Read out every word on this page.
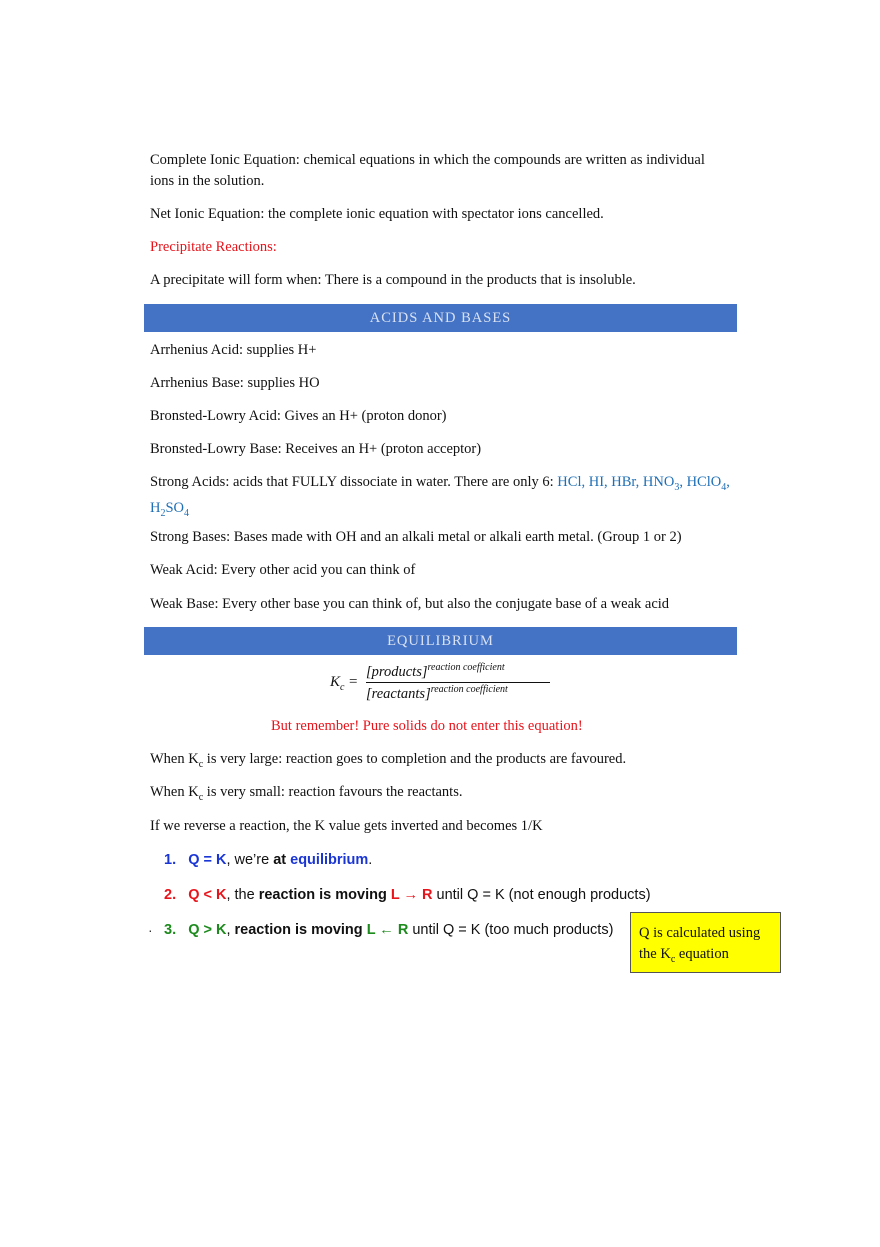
Complete Ionic Equation: chemical equations in which the compounds are written as individual
ions in the solution.

Net Ionic Equation: the complete ionic equation with spectator ions cancelled.

Precipitate Reactions:

A precipitate will form when: There is a compound in the products that is insoluble.

ACIDS AND BASES

Arrhenius Acid: supplies H+

Arrhenius Base: supplies HO

Bronsted-Lowry Acid: Gives an H+ (proton donor)

Bronsted-Lowry Base: Receives an H+ (proton acceptor)

Strong Acids: acids that FULLY dissociate in water. There are only 6: HCl, HI, HBr, $HNO_3$, HClO$_4$,
$H_2SO_4$

Strong Bases: Bases made with OH and an alkali metal or alkali earth metal. (Group 1 or 2)

Weak Acid: Every other acid you can think of

Weak Base: Every other base you can think of, but also the conjugate base of a weak acid

EQUILIBRIUM
$K_c$ =
[products]$^{reaction coefficient}$
[reactants]$^{reaction coefficient}$

But remember! Pure solids do not enter this equation!

When $K_c$ is very large: reaction goes to completion and the products are favoured.

When $K_c$ is very small: reaction favours the reactants.

If we reverse a reaction, the K value gets inverted and becomes 1/K

1. Q = K, we’re at equilibrium.
2. Q < K, the reaction is moving L → R until Q = K (not enough products)
· 3. Q > K, reaction is moving L ← R until Q = K (too much products)	Q is calculated using
the $K_c$ equation
